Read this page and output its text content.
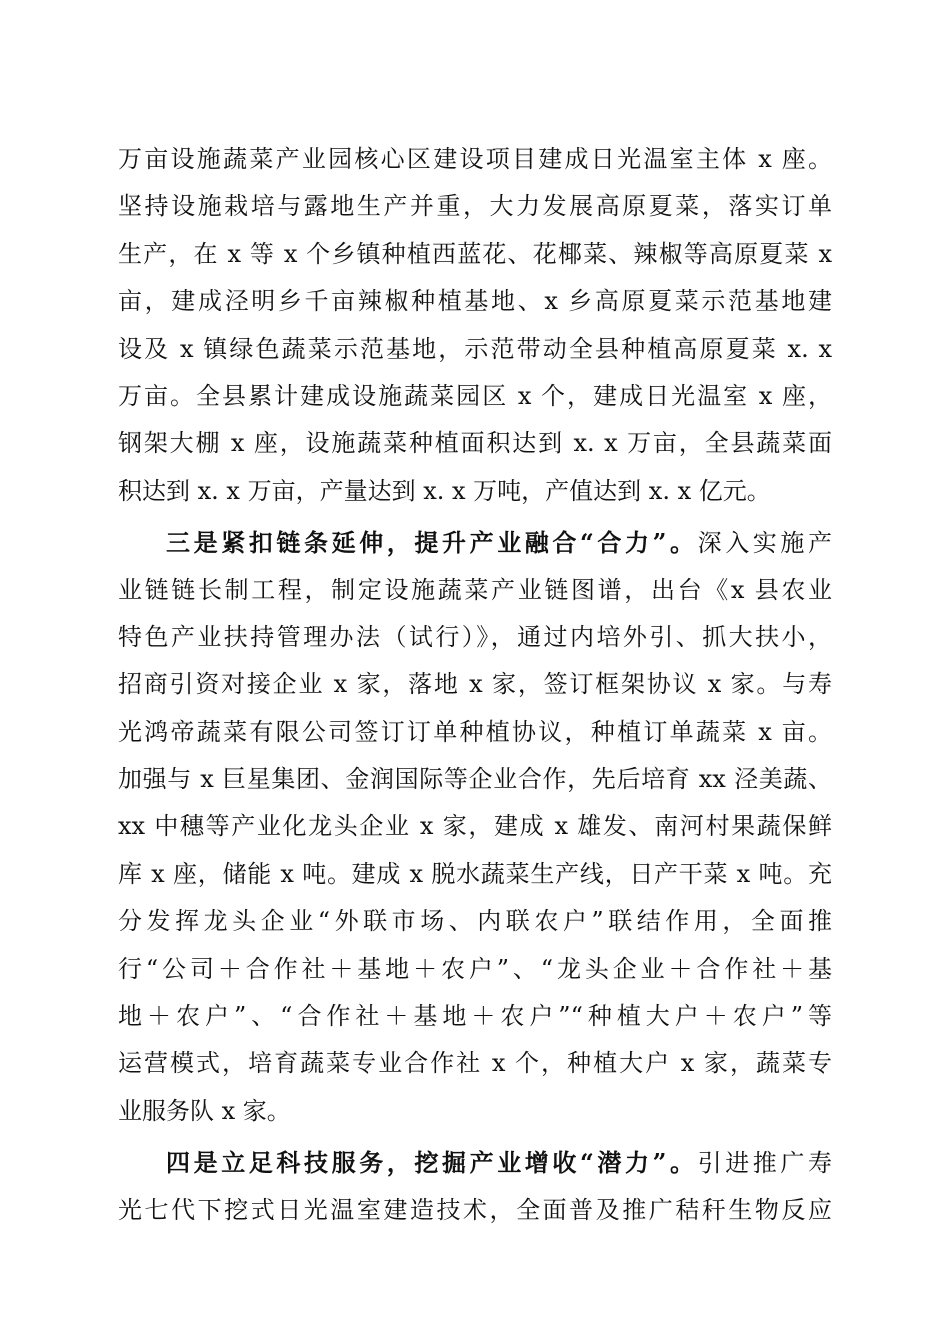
万亩设施蔬菜产业园核心区建设项目建成日光温室主体 x 座。
坚持设施栽培与露地生产并重，大力发展高原夏菜，落实订单
生产，在 x 等 x 个乡镇种植西蓝花、花椰菜、辣椒等高原夏菜 x
亩，建成泾明乡千亩辣椒种植基地、x 乡高原夏菜示范基地建
设及 x 镇绿色蔬菜示范基地，示范带动全县种植高原夏菜 x. x
万亩。全县累计建成设施蔬菜园区 x 个，建成日光温室 x 座，
钢架大棚 x 座，设施蔬菜种植面积达到 x. x 万亩，全县蔬菜面
积达到 x. x 万亩，产量达到 x. x 万吨，产值达到 x. x 亿元。
三是紧扣链条延伸，提升产业融合“合力”。深入实施产
业链链长制工程，制定设施蔬菜产业链图谱，出台《x 县农业
特色产业扶持管理办法（试行）》，通过内培外引、抓大扶小，
招商引资对接企业 x 家，落地 x 家，签订框架协议 x 家。与寿
光鸿帝蔬菜有限公司签订订单种植协议，种植订单蔬菜 x 亩。
加强与 x 巨星集团、金润国际等企业合作，先后培育 xx 泾美蔬、
xx 中穗等产业化龙头企业 x 家，建成 x 雄发、南河村果蔬保鲜
库 x 座，储能 x 吨。建成 x 脱水蔬菜生产线，日产干菜 x 吨。充
分发挥龙头企业“外联市场、内联农户”联结作用，全面推
行“公司＋合作社＋基地＋农户”、“龙头企业＋合作社＋基
地＋农户”、“合作社＋基地＋农户”“种植大户＋农户”等
运营模式，培育蔬菜专业合作社 x 个，种植大户 x 家，蔬菜专
业服务队 x 家。
四是立足科技服务，挖掘产业增收“潜力”。引进推广寿
光七代下挖式日光温室建造技术，全面普及推广秸秆生物反应
